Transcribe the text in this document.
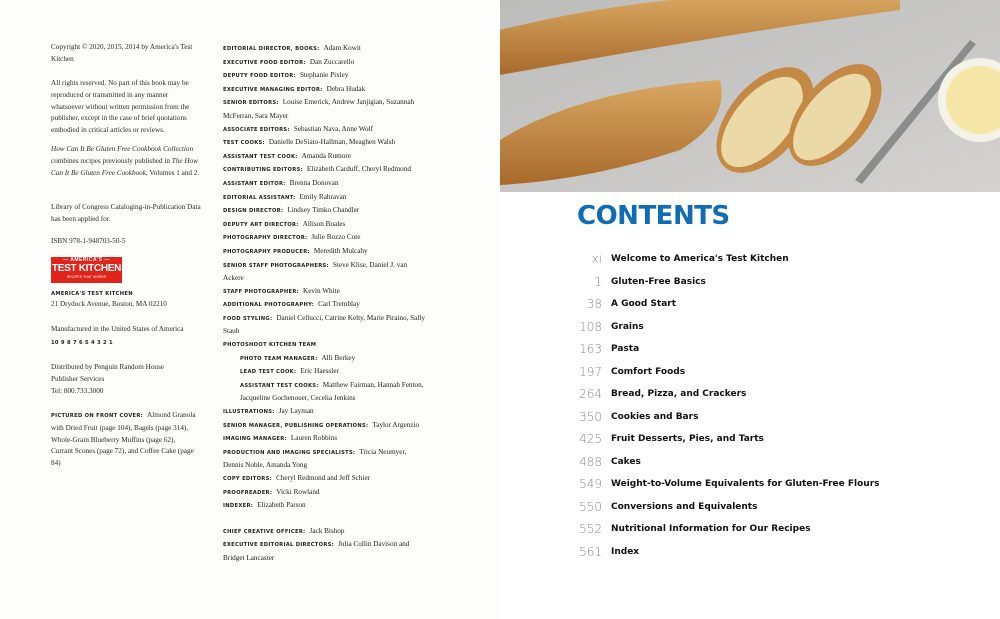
Copyright © 2020, 2015, 2014 by America's Test Kitchen
All rights reserved. No part of this book may be reproduced or transmitted in any manner whatsoever without written permission from the publisher, except in the case of brief quotations embodied in critical articles or reviews.
How Can It Be Gluten Free Cookbook Collection combines recipes previously published in The How Can It Be Gluten Free Cookbook, Volumes 1 and 2.
Library of Congress Cataloging-in-Publication Data has been applied for.
ISBN 978-1-948703-50-5
— AMERICA'S —
TEST KITCHEN
RECIPES THAT WORK®
AMERICA'S TEST KITCHEN
21 Drydock Avenue, Boston, MA 02210
Manufactured in the United States of America
10 9 8 7 6 5 4 3 2 1
Distributed by Penguin Random House Publisher Services
Tel: 800.733.3000
PICTURED ON FRONT COVER: Almond Granola with Dried Fruit (page 104), Bagels (page 314), Whole-Grain Blueberry Muffins (page 62), Currant Scones (page 72), and Coffee Cake (page 84)
EDITORIAL DIRECTOR, BOOKS: Adam Kowit
EXECUTIVE FOOD EDITOR: Dan Zuccarello
DEPUTY FOOD EDITOR: Stephanie Pixley
EXECUTIVE MANAGING EDITOR: Debra Hudak
SENIOR EDITORS: Louise Emerick, Andrew Janjigian, Suzannah McFerran, Sara Mayer
ASSOCIATE EDITORS: Sebastian Nava, Anne Wolf
TEST COOKS: Danielle DeSiato-Hallman, Meaghen Walsh
ASSISTANT TEST COOK: Amanda Rumore
CONTRIBUTING EDITORS: Elizabeth Carduff, Cheryl Redmond
ASSISTANT EDITOR: Brenna Donovan
EDITORIAL ASSISTANT: Emily Rahravan
DESIGN DIRECTOR: Lindsey Timko Chandler
DEPUTY ART DIRECTOR: Allison Boales
PHOTOGRAPHY DIRECTOR: Julie Bozzo Cote
PHOTOGRAPHY PRODUCER: Meredith Mulcahy
SENIOR STAFF PHOTOGRAPHERS: Steve Klise, Daniel J. van Ackere
STAFF PHOTOGRAPHER: Kevin White
ADDITIONAL PHOTOGRAPHY: Carl Tremblay
FOOD STYLING: Daniel Cellucci, Catrine Kelty, Marie Piraino, Sally Staub
PHOTOSHOOT KITCHEN TEAM
PHOTO TEAM MANAGER: Alli Berkey
LEAD TEST COOK: Eric Haessler
ASSISTANT TEST COOKS: Matthew Fairman, Hannah Fenton, Jacqueline Gochenouer, Cecelia Jenkins
ILLUSTRATIONS: Jay Layman
SENIOR MANAGER, PUBLISHING OPERATIONS: Taylor Argenzio
IMAGING MANAGER: Lauren Robbins
PRODUCTION AND IMAGING SPECIALISTS: Tricia Neumyer, Dennis Noble, Amanda Yong
COPY EDITORS: Cheryl Redmond and Jeff Schier
PROOFREADER: Vicki Rowland
INDEXER: Elizabeth Parson
CHIEF CREATIVE OFFICER: Jack Bishop
EXECUTIVE EDITORIAL DIRECTORS: Julia Collin Davison and Bridget Lancaster
CONTENTS
xi Welcome to America's Test Kitchen
1 Gluten-Free Basics
38 A Good Start
108 Grains
163 Pasta
197 Comfort Foods
264 Bread, Pizza, and Crackers
350 Cookies and Bars
425 Fruit Desserts, Pies, and Tarts
488 Cakes
549 Weight-to-Volume Equivalents for Gluten-Free Flours
550 Conversions and Equivalents
552 Nutritional Information for Our Recipes
561 Index
